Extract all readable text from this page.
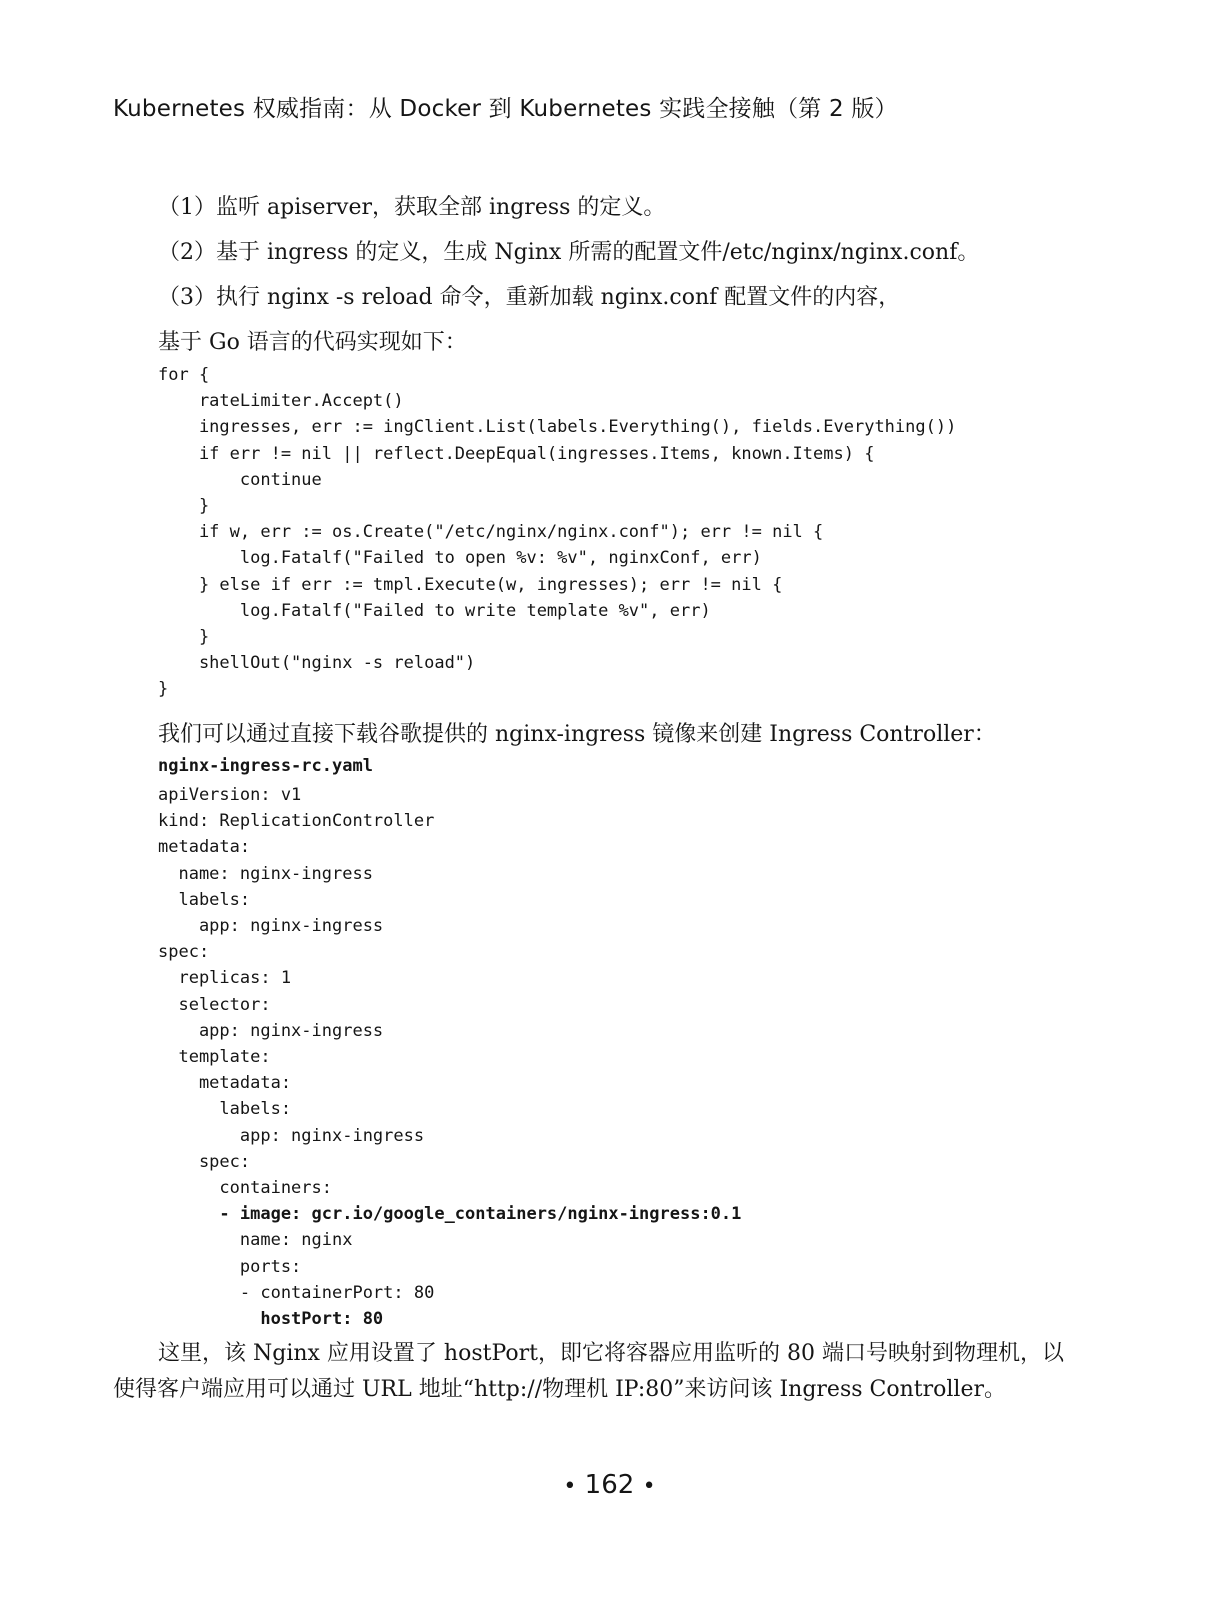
Kubernetes 权威指南：从 Docker 到 Kubernetes 实践全接触（第 2 版）
（1）监听 apiserver，获取全部 ingress 的定义。
（2）基于 ingress 的定义，生成 Nginx 所需的配置文件/etc/nginx/nginx.conf。
（3）执行 nginx -s reload 命令，重新加载 nginx.conf 配置文件的内容，
基于 Go 语言的代码实现如下：
for {
rateLimiter.Accept()
ingresses, err := ingClient.List(labels.Everything(), fields.Everything())
if err != nil || reflect.DeepEqual(ingresses.Items, known.Items) {
continue
}
if w, err := os.Create("/etc/nginx/nginx.conf"); err != nil {
log.Fatalf("Failed to open %v: %v", nginxConf, err)
} else if err := tmpl.Execute(w, ingresses); err != nil {
log.Fatalf("Failed to write template %v", err)
}
shellOut("nginx -s reload")
}
我们可以通过直接下载谷歌提供的 nginx-ingress 镜像来创建 Ingress Controller：
nginx-ingress-rc.yaml
apiVersion: v1
kind: ReplicationController
metadata:
name: nginx-ingress
labels:
app: nginx-ingress
spec:
replicas: 1
selector:
app: nginx-ingress
template:
metadata:
labels:
app: nginx-ingress
spec:
containers:
- image: gcr.io/google_containers/nginx-ingress:0.1
name: nginx
ports:
- containerPort: 80
hostPort: 80
这里，该 Nginx 应用设置了 hostPort，即它将容器应用监听的 80 端口号映射到物理机，以
使得客户端应用可以通过 URL 地址“http://物理机 IP:80”来访问该 Ingress Controller。
• 162 •
